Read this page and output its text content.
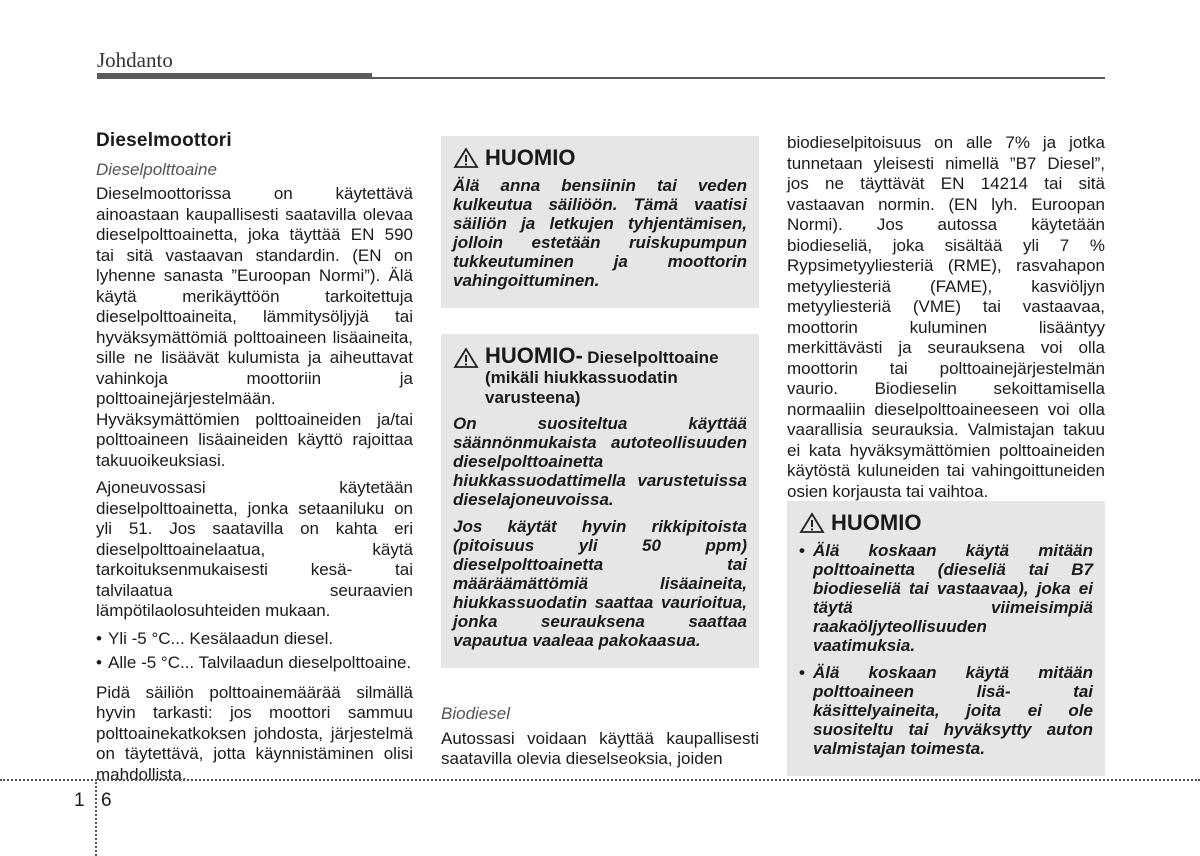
Johdanto
Dieselmoottori
Dieselpolttoaine

Dieselmoottorissa on käytettävä ainoastaan kaupallisesti saatavilla olevaa dieselpolttoainetta, joka täyttää EN 590 tai sitä vastaavan standardin. (EN on lyhenne sanasta ”Euroopan Normi”). Älä käytä merikäyttöön tarkoitettuja dieselpolttoaineita, lämmitysöljyjä tai hyväksymättömiä polttoaineen lisäaineita, sille ne lisäävät kulumista ja aiheuttavat vahinkoja moottoriin ja polttoainejärjestelmään. Hyväksymättömien polttoaineiden ja/tai polttoaineen lisäaineiden käyttö rajoittaa takuuoikeuksiasi.

Ajoneuvossasi käytetään dieselpolttoainetta, jonka setaaniluku on yli 51. Jos saatavilla on kahta eri dieselpolttoainelaatua, käytä tarkoituksenmukaisesti kesä- tai talvilaatua seuraavien lämpötilaolosuhteiden mukaan.

• Yli -5 °C... Kesälaadun diesel.
• Alle -5 °C... Talvilaadun dieselpolttoaine.

Pidä säiliön polttoainemäärää silmällä hyvin tarkasti: jos moottori sammuu polttoainekatkoksen johdosta, järjestelmä on täytettävä, jotta käynnistäminen olisi mahdollista.

HUOMIO

Älä anna bensiinin tai veden kulkeutua säiliöön. Tämä vaatisi säiliön ja letkujen tyhjentämisen, jolloin estetään ruiskupumpun tukkeutuminen ja moottorin vahingoittuminen.

HUOMIO- Dieselpolttoaine (mikäli hiukkassuodatin varusteena)

On suositeltua käyttää säännönmukaista autoteollisuuden dieselpolttoainetta hiukkassuodattimella varustetuissa dieselajoneuvoissa.

Jos käytät hyvin rikkipitoista (pitoisuus yli 50 ppm) dieselpolttoainetta tai määräämättömiä lisäaineita, hiukkassuodatin saattaa vaurioitua, jonka seurauksena saattaa vapautua vaaleaa pakokaasua.

Biodiesel

Autossasi voidaan käyttää kaupallisesti saatavilla olevia dieselseoksia, joiden

biodieselpitoisuus on alle 7% ja jotka tunnetaan yleisesti nimellä ”B7 Diesel”, jos ne täyttävät EN 14214 tai sitä vastaavan normin. (EN lyh. Euroopan Normi). Jos autossa käytetään biodieseliä, joka sisältää yli 7 % Rypsimetyyliesteriä (RME), rasvahapon metyyliesteriä (FAME), kasviöljyn metyyliesteriä (VME) tai vastaavaa, moottorin kuluminen lisääntyy merkittävästi ja seurauksena voi olla moottorin tai polttoainejärjestelmän vaurio. Biodieselin sekoittamisella normaaliin dieselpolttoaineeseen voi olla vaarallisia seurauksia. Valmistajan takuu ei kata hyväksymättömien polttoaineiden käytöstä kuluneiden tai vahingoittuneiden osien korjausta tai vaihtoa.

HUOMIO
• Älä koskaan käytä mitään polttoainetta (dieseliä tai B7 biodieseliä tai vastaavaa), joka ei täytä viimeisimpiä raakaöljyteollisuuden vaatimuksia.
• Älä koskaan käytä mitään polttoaineen lisä- tai käsittelyaineita, joita ei ole suositeltu tai hyväksytty auton valmistajan toimesta.
1 6
